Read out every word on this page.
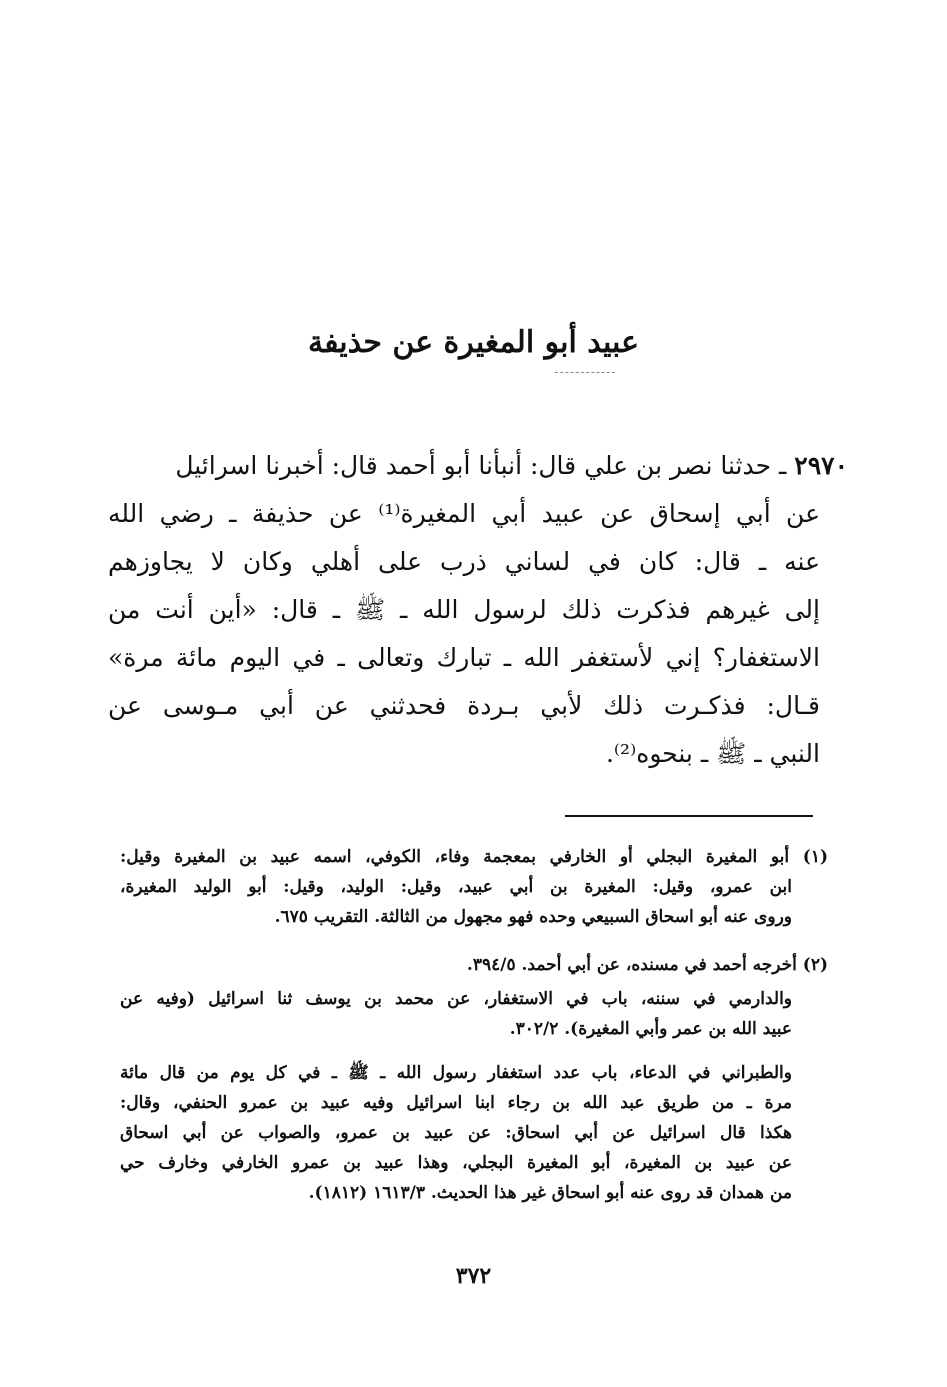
عبيد أبو المغيرة عن حذيفة
٢٩٧٠ ـ حدثنا نصر بن علي قال: أنبأنا أبو أحمد قال: أخبرنا اسرائيل
عن أبي إسحاق عن عبيد أبي المغيرة⁽¹⁾ عن حذيفة ـ رضي الله
عنه ـ قال: كان في لساني ذرب على أهلي وكان لا يجاوزهم
إلى غيرهم فذكرت ذلك لرسول الله ـ ﷺ ـ قال: «أين أنت من
الاستغفار؟ إني لأستغفر الله ـ تبارك وتعالى ـ في اليوم مائة مرة»
قـال: فذكـرت ذلك لأبي بـردة فحدثني عن أبي مـوسى عن
النبي ـ ﷺ ـ بنحوه⁽²⁾.
(١) أبو المغيرة البجلي أو الخارفي بمعجمة وفاء، الكوفي، اسمه عبيد بن المغيرة وقيل:
ابن عمرو، وقيل: المغيرة بن أبي عبيد، وقيل: الوليد، وقيل: أبو الوليد المغيرة،
وروى عنه أبو اسحاق السبيعي وحده فهو مجهول من الثالثة. التقريب ٦٧٥.
(٢) أخرجه أحمد في مسنده، عن أبي أحمد. ٣٩٤/٥.
والدارمي في سننه، باب في الاستغفار، عن محمد بن يوسف ثنا اسرائيل (وفيه عن
عبيد الله بن عمر وأبي المغيرة). ٣٠٢/٢.
والطبراني في الدعاء، باب عدد استغفار رسول الله ـ ﷺ ـ في كل يوم من قال مائة
مرة ـ من طريق عبد الله بن رجاء ابنا اسرائيل وفيه عبيد بن عمرو الحنفي، وقال:
هكذا قال اسرائيل عن أبي اسحاق: عن عبيد بن عمرو، والصواب عن أبي اسحاق
عن عبيد بن المغيرة، أبو المغيرة البجلي، وهذا عبيد بن عمرو الخارفي وخارف حي
من همدان قد روى عنه أبو اسحاق غير هذا الحديث. ١٦١٣/٣ (١٨١٢).
٣٧٢
